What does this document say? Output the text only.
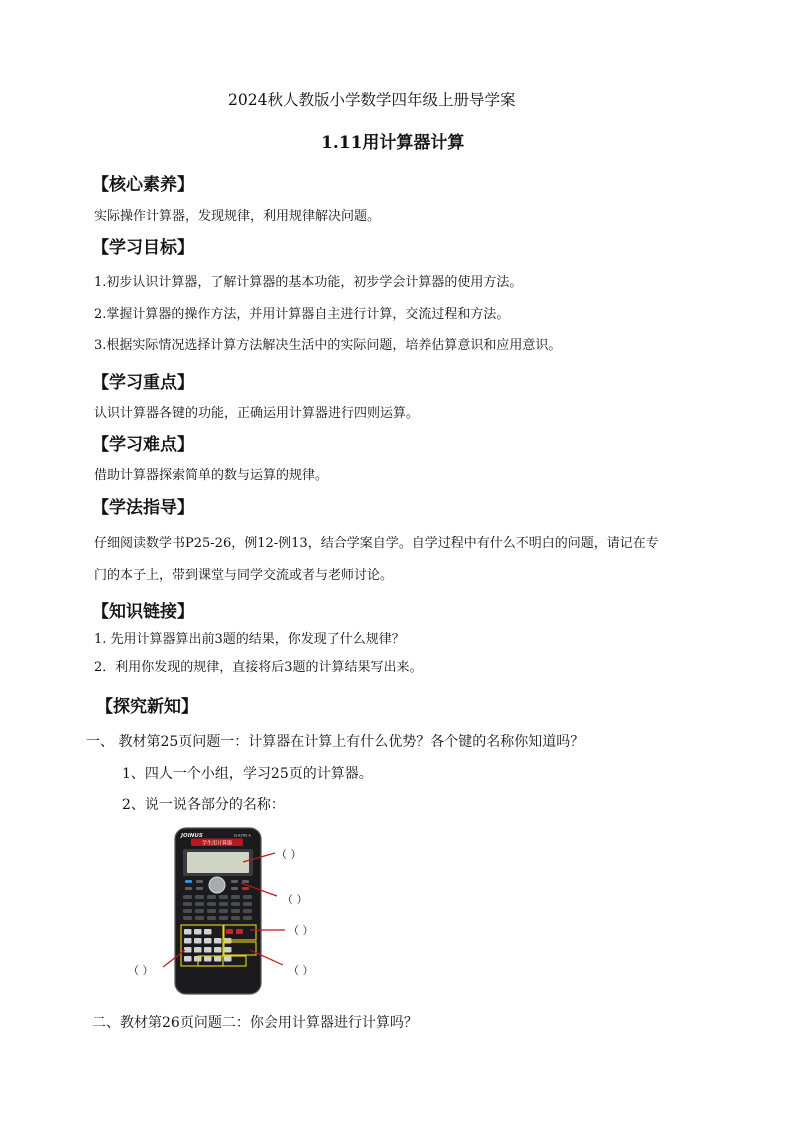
2024秋人教版小学数学四年级上册导学案
1.11用计算器计算
【核心素养】
实际操作计算器，发现规律，利用规律解决问题。
【学习目标】
1.初步认识计算器，了解计算器的基本功能，初步学会计算器的使用方法。
2.掌握计算器的操作方法，并用计算器自主进行计算，交流过程和方法。
3.根据实际情况选择计算方法解决生活中的实际问题，培养估算意识和应用意识。
【学习重点】
认识计算器各键的功能，正确运用计算器进行四则运算。
【学习难点】
借助计算器探索简单的数与运算的规律。
【学法指导】
仔细阅读数学书P25-26，例12-例13，结合学案自学。自学过程中有什么不明白的问题，请记在专
门的本子上，带到课堂与同学交流或者与老师讨论。
【知识链接】
1. 先用计算器算出前3题的结果，你发现了什么规律？
2．利用你发现的规律，直接将后3题的计算结果写出来。
【探究新知】
一、 教材第25页问题一：计算器在计算上有什么优势？各个键的名称你知道吗？
1、四人一个小组，学习25页的计算器。
2、说一说各部分的名称：
JOINUS	JS-82MS-A
学生用计算器
（ ）
（ ）
（ ）
（ ）	（ ）
二、教材第26页问题二：你会用计算器进行计算吗？
